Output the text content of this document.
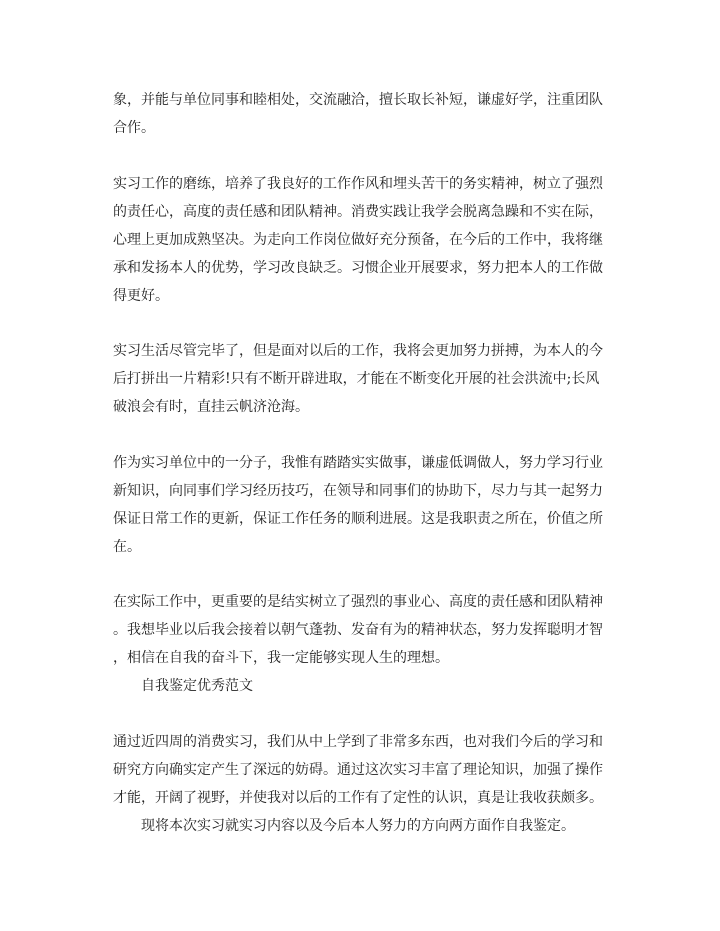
象，并能与单位同事和睦相处，交流融洽，擅长取长补短，谦虚好学，注重团队

合作。

实习工作的磨练，培养了我良好的工作作风和埋头苦干的务实精神，树立了强烈

的责任心，高度的责任感和团队精神。消费实践让我学会脱离急躁和不实在际，

心理上更加成熟坚决。为走向工作岗位做好充分预备，在今后的工作中，我将继

承和发扬本人的优势，学习改良缺乏。习惯企业开展要求，努力把本人的工作做

得更好。

实习生活尽管完毕了，但是面对以后的工作，我将会更加努力拼搏，为本人的今

后打拼出一片精彩!只有不断开辟进取，才能在不断变化开展的社会洪流中;长风

破浪会有时，直挂云帆济沧海。

作为实习单位中的一分子，我惟有踏踏实实做事，谦虚低调做人，努力学习行业

新知识，向同事们学习经历技巧，在领导和同事们的协助下，尽力与其一起努力

保证日常工作的更新，保证工作任务的顺利进展。这是我职责之所在，价值之所

在。

在实际工作中，更重要的是结实树立了强烈的事业心、高度的责任感和团队精神

。我想毕业以后我会接着以朝气蓬勃、发奋有为的精神状态，努力发挥聪明才智

，相信在自我的奋斗下，我一定能够实现人生的理想。

自我鉴定优秀范文

通过近四周的消费实习，我们从中上学到了非常多东西，也对我们今后的学习和

研究方向确实定产生了深远的妨碍。通过这次实习丰富了理论知识，加强了操作

才能，开阔了视野，并使我对以后的工作有了定性的认识，真是让我收获颇多。

现将本次实习就实习内容以及今后本人努力的方向两方面作自我鉴定。
